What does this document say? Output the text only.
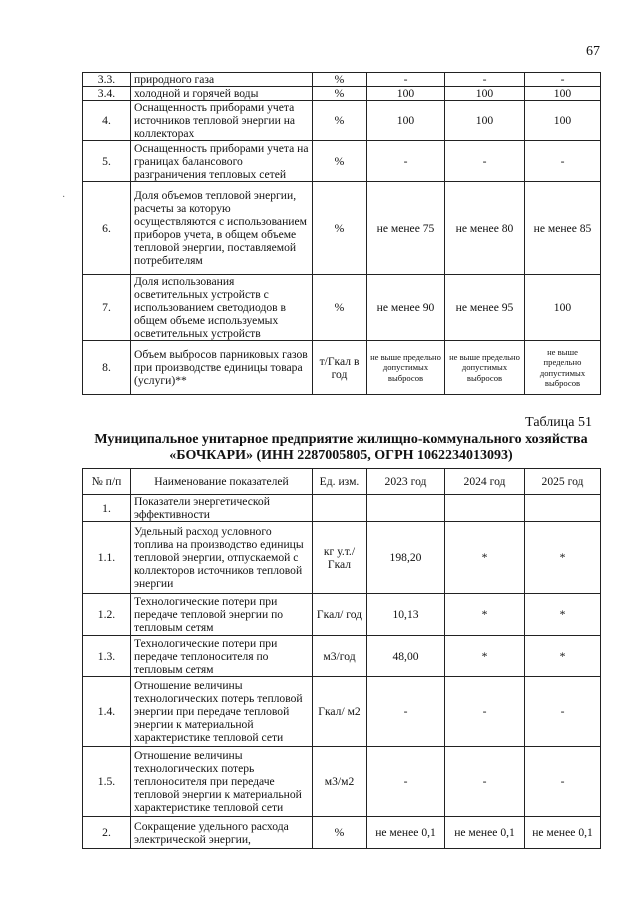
67
·
3.3.	природного газа	%	-	-	-
3.4.	холодной и горячей воды	%	100	100	100
4.	Оснащенность приборами учета источников тепловой энергии на коллекторах	%	100	100	100
5.	Оснащенность приборами учета на границах балансового разграничения тепловых сетей	%	-	-	-
6.	Доля объемов тепловой энергии, расчеты за которую осуществляются с использованием приборов учета, в общем объеме тепловой энергии, поставляемой потребителям	%	не менее 75	не менее 80	не менее 85
7.	Доля использования осветительных устройств с использованием светодиодов в общем объеме используемых осветительных устройств	%	не менее 90	не менее 95	100
8.	Объем выбросов парниковых газов при производстве единицы товара (услуги)**	т/Гкал в год	не выше предельно допустимых выбросов	не выше предельно допустимых выбросов	не выше предельно допустимых выбросов
Таблица 51
Муниципальное унитарное предприятие жилищно-коммунального хозяйства «БОЧКАРИ» (ИНН 2287005805, ОГРН 1062234013093)
№ п/п	Наименование показателей	Ед. изм.	2023 год	2024 год	2025 год
1.	Показатели энергетической эффективности				
1.1.	Удельный расход условного топлива на производство единицы тепловой энергии, отпускаемой с коллекторов источников тепловой энергии	кг у.т./ Гкал	198,20	*	*
1.2.	Технологические потери при передаче тепловой энергии по тепловым сетям	Гкал/ год	10,13	*	*
1.3.	Технологические потери при передаче теплоносителя по тепловым сетям	м3/год	48,00	*	*
1.4.	Отношение величины технологических потерь тепловой энергии при передаче тепловой энергии к материальной характеристике тепловой сети	Гкал/ м2	-	-	-
1.5.	Отношение величины технологических потерь теплоносителя при передаче тепловой энергии к материальной характеристике тепловой сети	м3/м2	-	-	-
2.	Сокращение удельного расхода электрической энергии,	%	не менее 0,1	не менее 0,1	не менее 0,1
